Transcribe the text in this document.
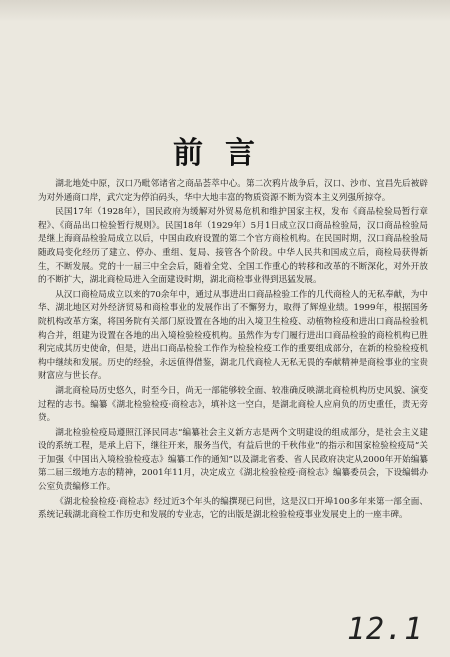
前言

湖北地处中原，汉口乃毗邻诸省之商品荟萃中心。第二次鸦片战争后，汉口、沙市、宜昌先后被辟为对外通商口岸，武穴定为停泊码头，华中大地丰富的物质资源不断为资本主义列强所掠夺。

民国17年（1928年），国民政府为缓解对外贸易危机和维护国家主权，发布《商品检验局暂行章程》、《商品出口检验暂行规则》。民国18年（1929年）5月1日成立汉口商品检验局，汉口商品检验局是继上海商品检验局成立以后，中国由政府设置的第二个官方商检机构。在民国时期，汉口商品检验局随政局变化经历了建立、停办、重组、复局、接管各个阶段。中华人民共和国成立后，商检局获得新生，不断发展。党的十一届三中全会后，随着全党、全国工作重心的转移和改革的不断深化，对外开放的不断扩大，湖北商检局进入全面建设时期，湖北商检事业得到迅猛发展。

从汉口商检局成立以来的70余年中，通过从事进出口商品检验工作的几代商检人的无私奉献，为中华、湖北地区对外经济贸易和商检事业的发展作出了不懈努力，取得了辉煌业绩。1999年，根据国务院机构改革方案，将国务院有关部门原设置在各地的出入境卫生检疫、动植物检疫和进出口商品检验机构合并，组建为设置在各地的出入境检验检疫机构。虽然作为专门履行进出口商品检验的商检机构已胜利完成其历史使命，但是，进出口商品检验工作作为检验检疫工作的重要组成部分，在新的检验检疫机构中继续和发展。历史的经验，永远值得借鉴，湖北几代商检人无私无畏的奉献精神是商检事业的宝贵财富应与世长存。

湖北商检局历史悠久，时至今日，尚无一部能够较全面、较准确反映湖北商检机构历史风貌、演变过程的志书。编纂《湖北检验检疫·商检志》，填补这一空白，是湖北商检人应肩负的历史重任，责无旁贷。

湖北检验检疫局遵照江泽民同志“编纂社会主义新方志是两个文明建设的组成部分，是社会主义建设的系统工程，是承上启下，继往开来，服务当代，有益后世的千秋伟业”的指示和国家检验检疫局“关于加强《中国出入境检验检疫志》编纂工作的通知”以及湖北省委、省人民政府决定从2000年开始编纂第二届三级地方志的精神，2001年11月，决定成立《湖北检验检疫·商检志》编纂委员会，下设编辑办公室负责编修工作。

《湖北检验检疫·商检志》经过近3个年头的编撰现已问世，这是汉口开埠100多年来第一部全面、系统记载湖北商检工作历史和发展的专业志，它的出版是湖北检验检疫事业发展史上的一座丰碑。

12.1
